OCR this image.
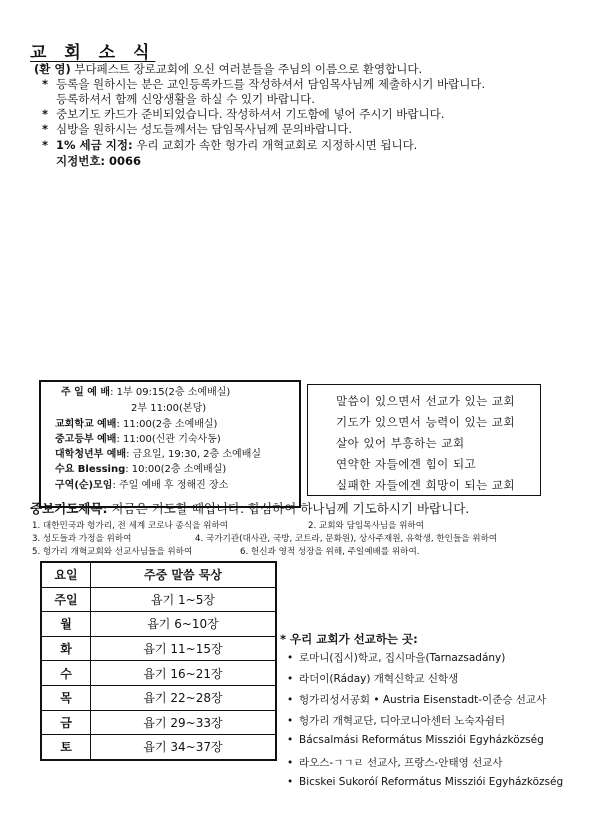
교 회 소 식
(환 영) 부다페스트 장로교회에 오신 여러분들을 주님의 이름으로 환영합니다.
* 등록을 원하시는 분은 교인등록카드를 작성하셔서 담임목사님께 제출하시기 바랍니다.
등록하셔서 함께 신앙생활을 하실 수 있기 바랍니다.
* 중보기도 카드가 준비되었습니다. 작성하셔서 기도함에 넣어 주시기 바랍니다.
* 심방을 원하시는 성도들께서는 담임목사님께 문의바랍니다.
* 1% 세금 지정: 우리 교회가 속한 헝가리 개혁교회로 지정하시면 됩니다.
지정번호: 0066
주 일 예 배: 1부 09:15(2층 소예배실)
2부 11:00(본당)
교회학교 예배: 11:00(2층 소예배실)
중고등부 예배: 11:00(신관 기숙사동)
대학청년부 예배: 금요일, 19:30, 2층 소예배실
수요 Blessing: 10:00(2층 소예배실)
구역(순)모임: 주일 예배 후 정해진 장소
말씀이 있으면서 선교가 있는 교회
기도가 있으면서 능력이 있는 교회
살아 있어 부흥하는 교회
연약한 자들에겐 힘이 되고
실패한 자들에겐 희망이 되는 교회
중보기도제목: 지금은 기도할 때입니다. 합심하여 하나님께 기도하시기 바랍니다.
1. 대한민국과 헝가리, 전 세계 코로나 종식을 위하여	2. 교회와 담임목사님을 위하여
3. 성도들과 가정을 위하여	4. 국가기관(대사관, 국방, 코트라, 문화원), 상사주재원, 유학생, 한인들을 위하여
5. 헝가리 개혁교회와 선교사님들을 위하여	6. 헌신과 영적 성장을 위해, 주일예배를 위하여.
요일	주중 말씀 묵상
주일	욥기 1~5장
월	욥기 6~10장
화	욥기 11~15장
수	욥기 16~21장
목	욥기 22~28장
금	욥기 29~33장
토	욥기 34~37장
* 우리 교회가 선교하는 곳:
• 로마니(집시)학교, 집시마을(Tarnazsadány)
• 라더이(Ráday) 개혁신학교 신학생
• 헝가리성서공회 • Austria Eisenstadt-이준승 선교사
• 헝가리 개혁교단, 디아코니아센터 노숙자쉼터
• Bácsalmási Református Missziói Egyházközség
• 라오스-ㄱㄱㄹ 선교사, 프랑스-안태영 선교사
• Bicskei Sukoróí Református Missziói Egyházközség
